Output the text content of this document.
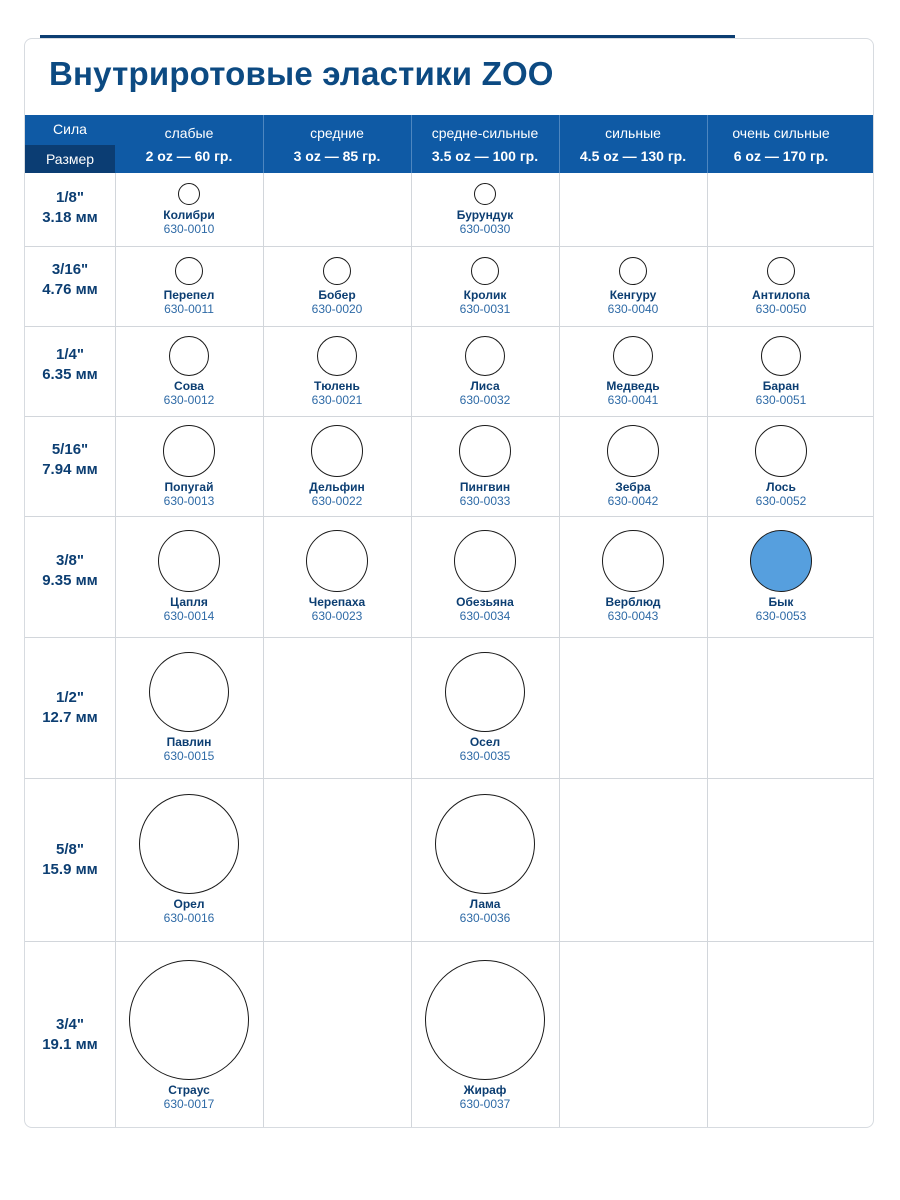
Внутриротовые эластики ZOO
Сила
Размер
слабые
2 oz — 60 гр.
средние
3 oz — 85 гр.
средне-сильные
3.5 oz — 100 гр.
сильные
4.5 oz — 130 гр.
очень сильные
6 oz — 170 гр.
1/8"
3.18 мм	Колибри
630-0010
Бурундук
630-0030
3/16"
4.76 мм	Перепел
630-0011
Бобер
630-0020
Кролик
630-0031
Кенгуру
630-0040
Антилопа
630-0050
1/4"
6.35 мм
Сова
630-0012
Тюлень
630-0021
Лиса
630-0032
Медведь
630-0041
Баран
630-0051
5/16"
7.94 мм
Попугай
630-0013
Дельфин
630-0022
Пингвин
630-0033
Зебра
630-0042
Лось
630-0052
3/8"
9.35 мм
Цапля
630-0014
Черепаха
630-0023
Обезьяна
630-0034
Верблюд
630-0043
Бык
630-0053
1/2"
12.7 мм
Павлин
630-0015
Осел
630-0035
5/8"
15.9 мм
Орел
630-0016
Лама
630-0036
3/4"
19.1 мм
Страус
630-0017
Жираф
630-0037
